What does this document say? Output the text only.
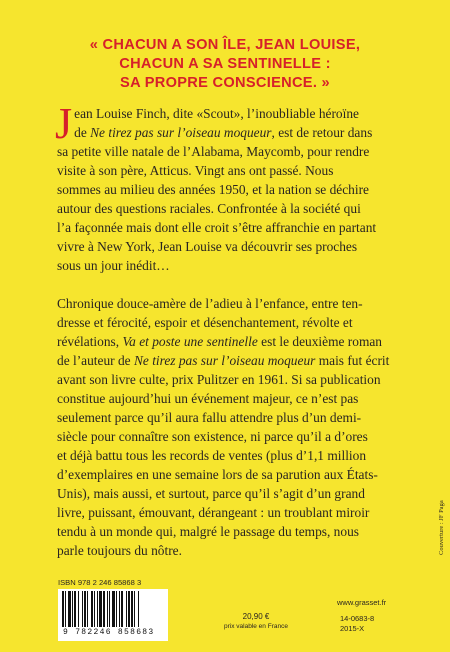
« CHACUN A SON ÎLE, JEAN LOUISE,
CHACUN A SA SENTINELLE :
SA PROPRE CONSCIENCE. »
J ean Louise Finch, dite «Scout», l’inoubliable héroïne
de Ne tirez pas sur l’oiseau moqueur, est de retour dans
sa petite ville natale de l’Alabama, Maycomb, pour rendre
visite à son père, Atticus. Vingt ans ont passé. Nous
sommes au milieu des années 1950, et la nation se déchire
autour des questions raciales. Confrontée à la société qui
l’a façonnée mais dont elle croit s’être affranchie en partant
vivre à New York, Jean Louise va découvrir ses proches
sous un jour inédit…
Chronique douce-amère de l’adieu à l’enfance, entre ten-
dresse et férocité, espoir et désenchantement, révolte et
révélations, Va et poste une sentinelle est le deuxième roman
de l’auteur de Ne tirez pas sur l’oiseau moqueur mais fut écrit
avant son livre culte, prix Pulitzer en 1961. Si sa publication
constitue aujourd’hui un événement majeur, ce n’est pas
seulement parce qu’il aura fallu attendre plus d’un demi-
siècle pour connaître son existence, ni parce qu’il a d’ores
et déjà battu tous les records de ventes (plus d’1,1 million
d’exemplaires en une semaine lors de sa parution aux États-
Unis), mais aussi, et surtout, parce qu’il s’agit d’un grand
livre, puissant, émouvant, dérangeant : un troublant miroir
tendu à un monde qui, malgré le passage du temps, nous
parle toujours du nôtre.
ISBN 978 2 246 85868 3
9 782246 858683
20,90 €
prix valable en France
www.grasset.fr
14-0683-8
2015-X
Couverture : JF Paga
